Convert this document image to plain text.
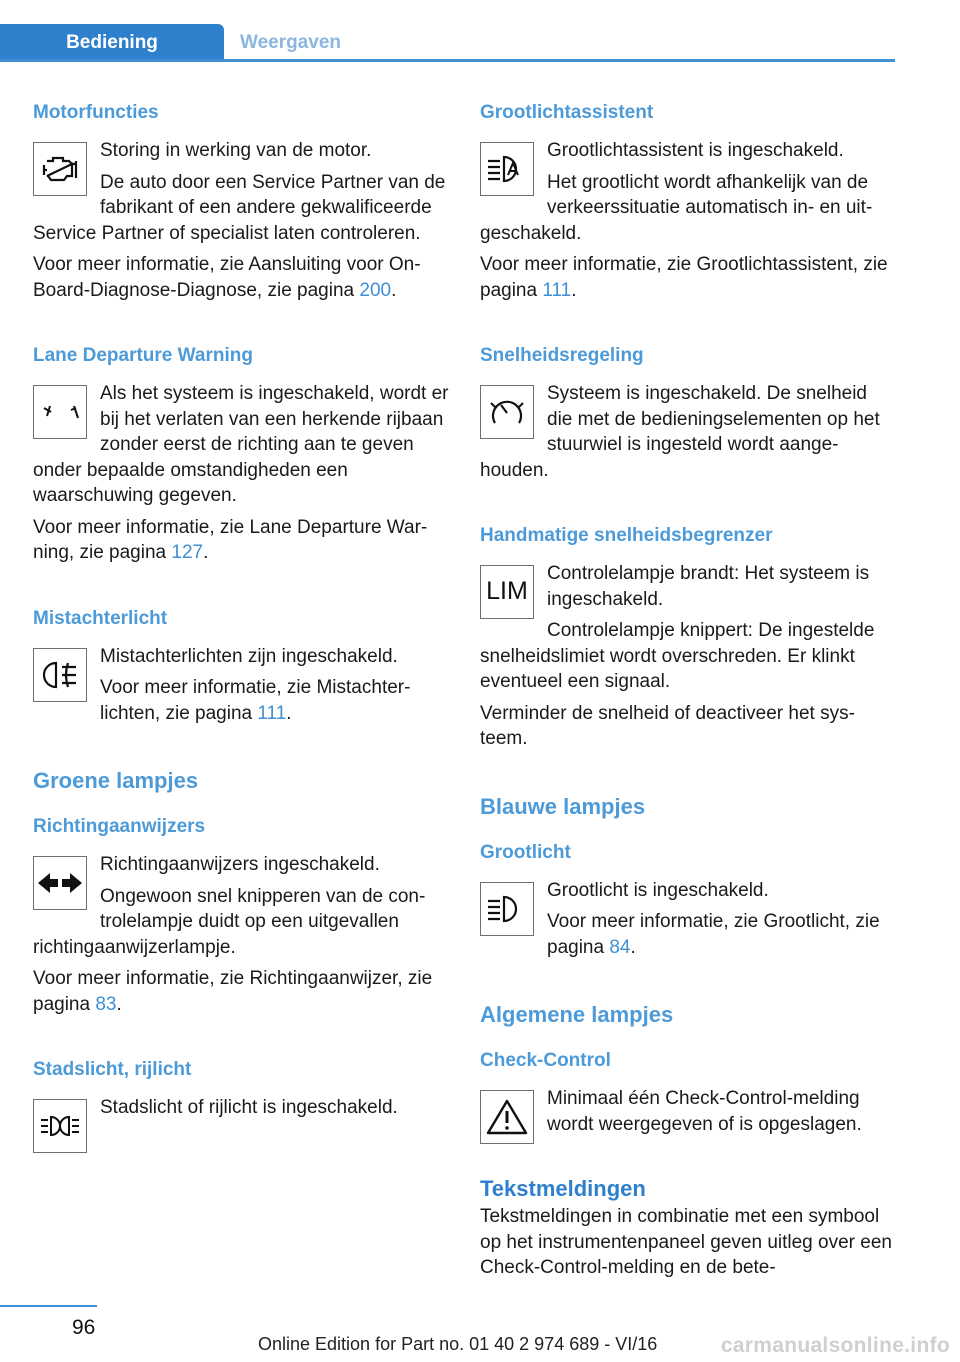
Bediening	Weergaven
Motorfuncties

Storing in werking van de motor.

De auto door een Service Partner van de fabrikant of een andere gekwalificeerde Service Partner of specialist laten controleren.

Voor meer informatie, zie Aansluiting voor On-Board-Diagnose-Diagnose, zie pagina 200.

Lane Departure Warning

Als het systeem is ingeschakeld, wordt er bij het verlaten van een herkende rijbaan zonder eerst de richting aan te geven onder bepaalde omstandigheden een waarschuwing gegeven.

Voor meer informatie, zie Lane Departure Warning, zie pagina 127.

Mistachterlicht

Mistachterlichten zijn ingeschakeld.

Voor meer informatie, zie Mistachterlichten, zie pagina 111.

Groene lampjes
Richtingaanwijzers

Richtingaanwijzers ingeschakeld.

Ongewoon snel knipperen van de controlelampje duidt op een uitgevallen richtingaanwijzerlampje.

Voor meer informatie, zie Richtingaanwijzer, zie pagina 83.

Stadslicht, rijlicht

Stadslicht of rijlicht is ingeschakeld.

Grootlichtassistent

Grootlichtassistent is ingeschakeld.

Het grootlicht wordt afhankelijk van de verkeerssituatie automatisch in- en uitgeschakeld.

Voor meer informatie, zie Grootlichtassistent, zie pagina 111.

Snelheidsregeling

Systeem is ingeschakeld. De snelheid die met de bedieningselementen op het stuurwiel is ingesteld wordt aangehouden.

Handmatige snelheidsbegrenzer
LIM

Controlelampje brandt: Het systeem is ingeschakeld.

Controlelampje knippert: De ingestelde snelheidslimiet wordt overschreden. Er klinkt eventueel een signaal.

Verminder de snelheid of deactiveer het systeem.

Blauwe lampjes
Grootlicht

Grootlicht is ingeschakeld.

Voor meer informatie, zie Grootlicht, zie pagina 84.

Algemene lampjes
Check-Control

Minimaal één Check-Control-melding wordt weergegeven of is opgeslagen.

Tekstmeldingen

Tekstmeldingen in combinatie met een symbool op het instrumentenpaneel geven uitleg over een Check-Control-melding en de bete-

96
Online Edition for Part no. 01 40 2 974 689 - VI/16	carmanualsonline.info
